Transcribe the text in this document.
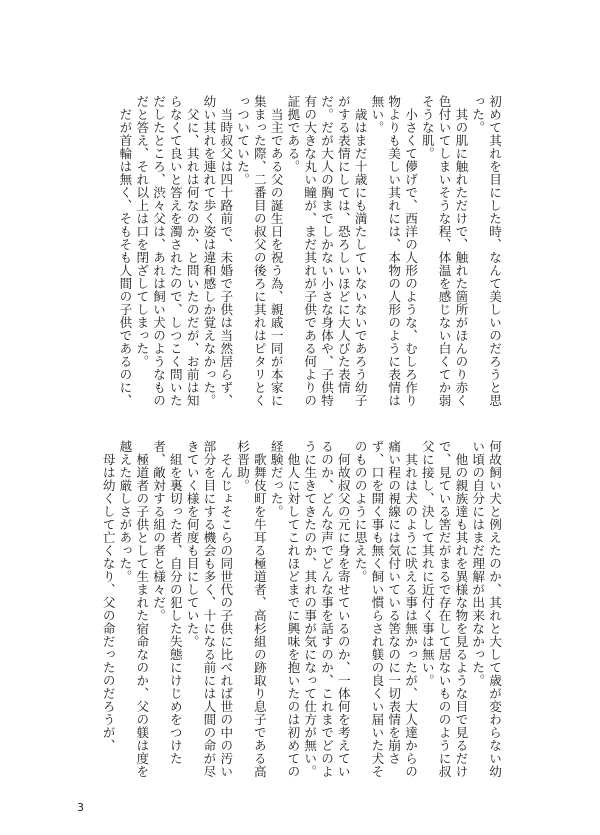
初めて其れを目にした時、なんて美しいのだろうと思った。

其の肌に触れただけで、触れた箇所がほんのり赤く色付いてしまいそうな程、体温を感じない白くてか弱そうな肌。

小さくて儚げで、西洋の人形のような、むしろ作り物よりも美しい其れには、本物の人形のように表情は無い。

歳はまだ十歳にも満たしていないないであろう幼子がする表情にしては、恐ろしいほどに大人びた表情だ。だが大人の胸までしかない小さな身体や、子供特有の大きな丸い瞳が、まだ其れが子供である何よりの証拠である。

当主である父の誕生日を祝う為、親戚一同が本家に集まった際、二番目の叔父の後ろに其れはピタリとくっついていた。

当時叔父は四十路前で、未婚で子供は当然居らず、幼い其れを連れて歩く姿は違和感しか覚えなかった。

父に、其れは何なのか、と問いたのだが、お前は知らなくて良いと答えを濁されたので、しつこく問いただしたところ、渋々父は、あれは飼い犬のようなものだと答え、それ以上は口を閉ざしてしまった。

だが首輪は無く、そもそも人間の子供であるのに、

何故飼い犬と例えたのか、其れと大して歳が変わらない幼い頃の自分にはまだ理解が出来なかった。

他の親族達も其れを異様な物を見るような目で見るだけで、見ている筈だがまるで存在して居ないもののように叔父に接し、決して其れに近付く事は無い。

其れは犬のように吠える事は無かったが、大人達からの痛い程の視線には気付いている筈なのに一切表情を崩さず、口を開く事も無く飼い慣らされ躾の良くい届いた犬そのもののように思えた。

何故叔父の元に身を寄せているのか、一体何を考えているのか、どんな声でどんな事を話すのか、これまでどのように生きてきたのか、其れの事が気になって仕方が無い。

他人に対してこれほどまでに興味を抱いたのは初めての経験だった。

歌舞伎町を牛耳る極道者、高杉組の跡取り息子である高杉晋助。

そんじょそこらの同世代の子供に比べれば世の中の汚い部分を目にする機会も多く、十になる前には人間の命が尽きていく様を何度も目にしていた。

組を裏切った者、自分の犯した失態にけじめをつけた者、敵対する組の者と様々だ。

極道者の子供として生まれた宿命なのか、父の躾は度を越えた厳しさがあった。

母は幼くして亡くなり、父の命だったのだろうが、

3
